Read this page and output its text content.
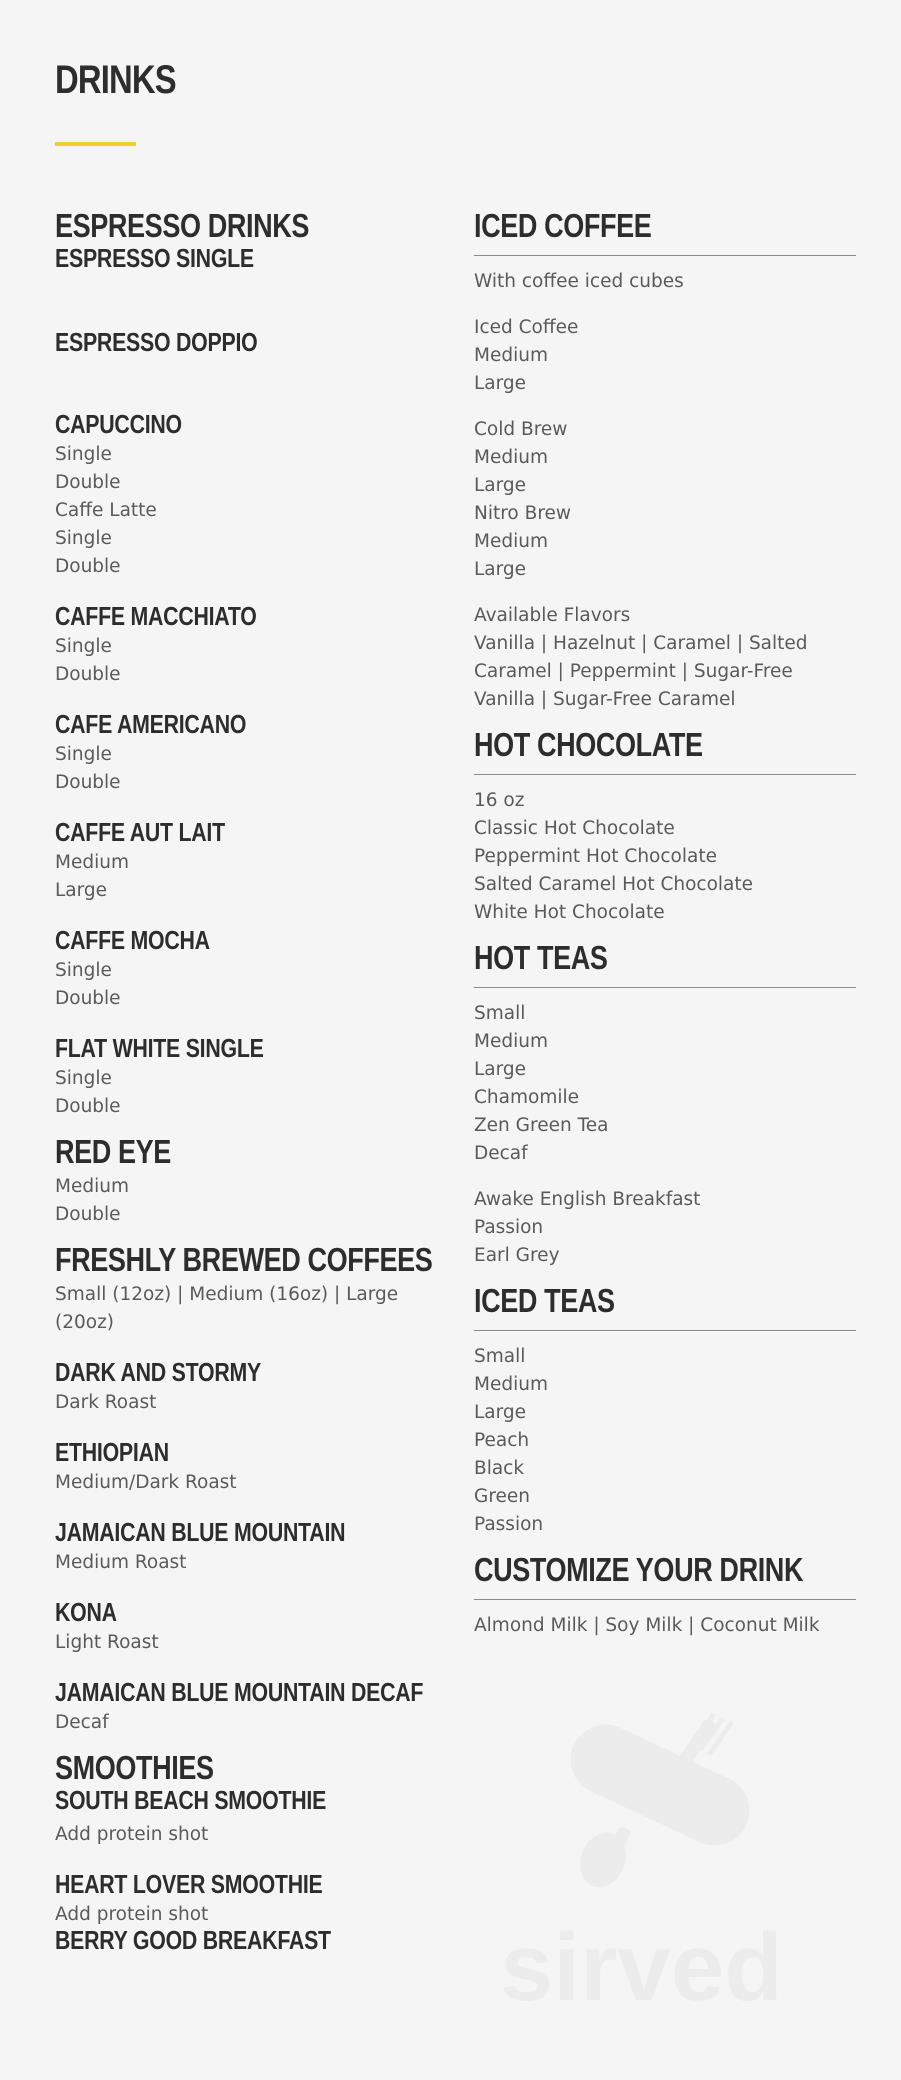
DRINKS
ESPRESSO DRINKS
ESPRESSO SINGLE
ESPRESSO DOPPIO
CAPUCCINO
Single
Double
Caffe Latte
Single
Double
CAFFE MACCHIATO
Single
Double
CAFE AMERICANO
Single
Double
CAFFE AUT LAIT
Medium
Large
CAFFE MOCHA
Single
Double
FLAT WHITE SINGLE
Single
Double
RED EYE
Medium
Double
FRESHLY BREWED COFFEES
Small (12oz) | Medium (16oz) | Large (20oz)
DARK AND STORMY
Dark Roast
ETHIOPIAN
Medium/Dark Roast
JAMAICAN BLUE MOUNTAIN
Medium Roast
KONA
Light Roast
JAMAICAN BLUE MOUNTAIN DECAF
Decaf
SMOOTHIES
SOUTH BEACH SMOOTHIE
Add protein shot
HEART LOVER SMOOTHIE
Add protein shot
BERRY GOOD BREAKFAST
ICED COFFEE
With coffee iced cubes
Iced Coffee
Medium
Large
Cold Brew
Medium
Large
Nitro Brew
Medium
Large
Available Flavors
Vanilla | Hazelnut | Caramel | Salted Caramel | Peppermint | Sugar-Free Vanilla | Sugar-Free Caramel
HOT CHOCOLATE
16 oz
Classic Hot Chocolate
Peppermint Hot Chocolate
Salted Caramel Hot Chocolate
White Hot Chocolate
HOT TEAS
Small
Medium
Large
Chamomile
Zen Green Tea
Decaf
Awake English Breakfast
Passion
Earl Grey
ICED TEAS
Small
Medium
Large
Peach
Black
Green
Passion
CUSTOMIZE YOUR DRINK
Almond Milk | Soy Milk | Coconut Milk
sirved
